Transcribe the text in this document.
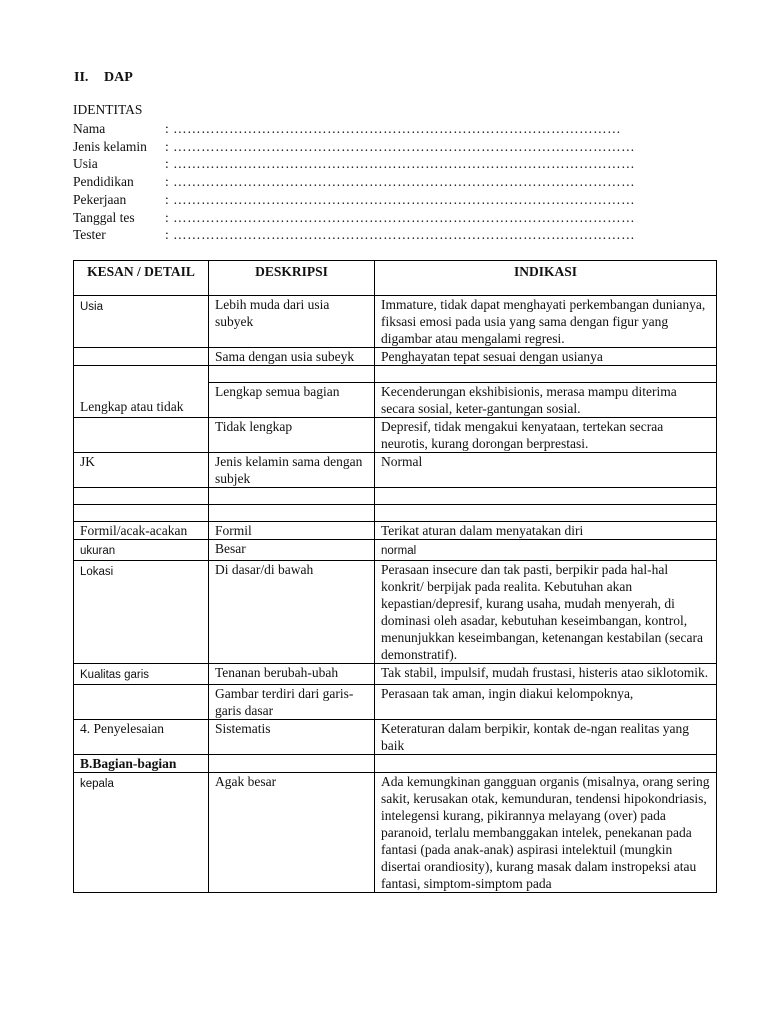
II. DAP
IDENTITAS
Nama	: ……………………………………………………………………………………
Jenis kelamin	: ………………………………………………………………………………………
Usia	: ………………………………………………………………………………………
Pendidikan	: ………………………………………………………………………………………
Pekerjaan	: ………………………………………………………………………………………
Tanggal tes	: ………………………………………………………………………………………
Tester	: ………………………………………………………………………………………
KESAN / DETAIL	DESKRIPSI	INDIKASI
Usia	Lebih muda dari usia subyek	Immature, tidak dapat menghayati perkembangan dunianya, fiksasi emosi pada usia yang sama dengan figur yang digambar atau mengalami regresi.
	Sama dengan usia subeyk	Penghayatan tepat sesuai dengan usianya
Lengkap atau tidak		
	Lengkap semua bagian	Kecenderungan ekshibisionis, merasa mampu diterima secara sosial, keter-gantungan sosial.
	Tidak lengkap	Depresif, tidak mengakui kenyataan, tertekan secraa neurotis, kurang dorongan berprestasi.
JK	Jenis kelamin sama dengan subjek	Normal

Formil/acak-acakan	Formil	Terikat aturan dalam menyatakan diri
ukuran	Besar	normal
Lokasi	Di dasar/di bawah	Perasaan insecure dan tak pasti, berpikir pada hal-hal konkrit/ berpijak pada realita. Kebutuhan akan kepastian/depresif, kurang usaha, mudah menyerah, di dominasi oleh asadar, kebutuhan keseimbangan, kontrol, menunjukkan keseimbangan, ketenangan kestabilan (secara demonstratif).
Kualitas garis	Tenanan berubah-ubah	Tak stabil, impulsif, mudah frustasi, histeris atao siklotomik.
	Gambar terdiri dari garis-garis dasar	Perasaan tak aman, ingin diakui kelompoknya,
4. Penyelesaian	Sistematis	Keteraturan dalam berpikir, kontak de-ngan realitas yang baik
B.Bagian-bagian		
kepala	Agak besar	Ada kemungkinan gangguan organis (misalnya, orang sering sakit, kerusakan otak, kemunduran, tendensi hipokondriasis, intelegensi kurang, pikirannya melayang (over) pada paranoid, terlalu membanggakan intelek, penekanan pada fantasi (pada anak-anak) aspirasi intelektuil (mungkin disertai orandiosity), kurang masak dalam instropeksi atau fantasi, simptom-simptom pada
